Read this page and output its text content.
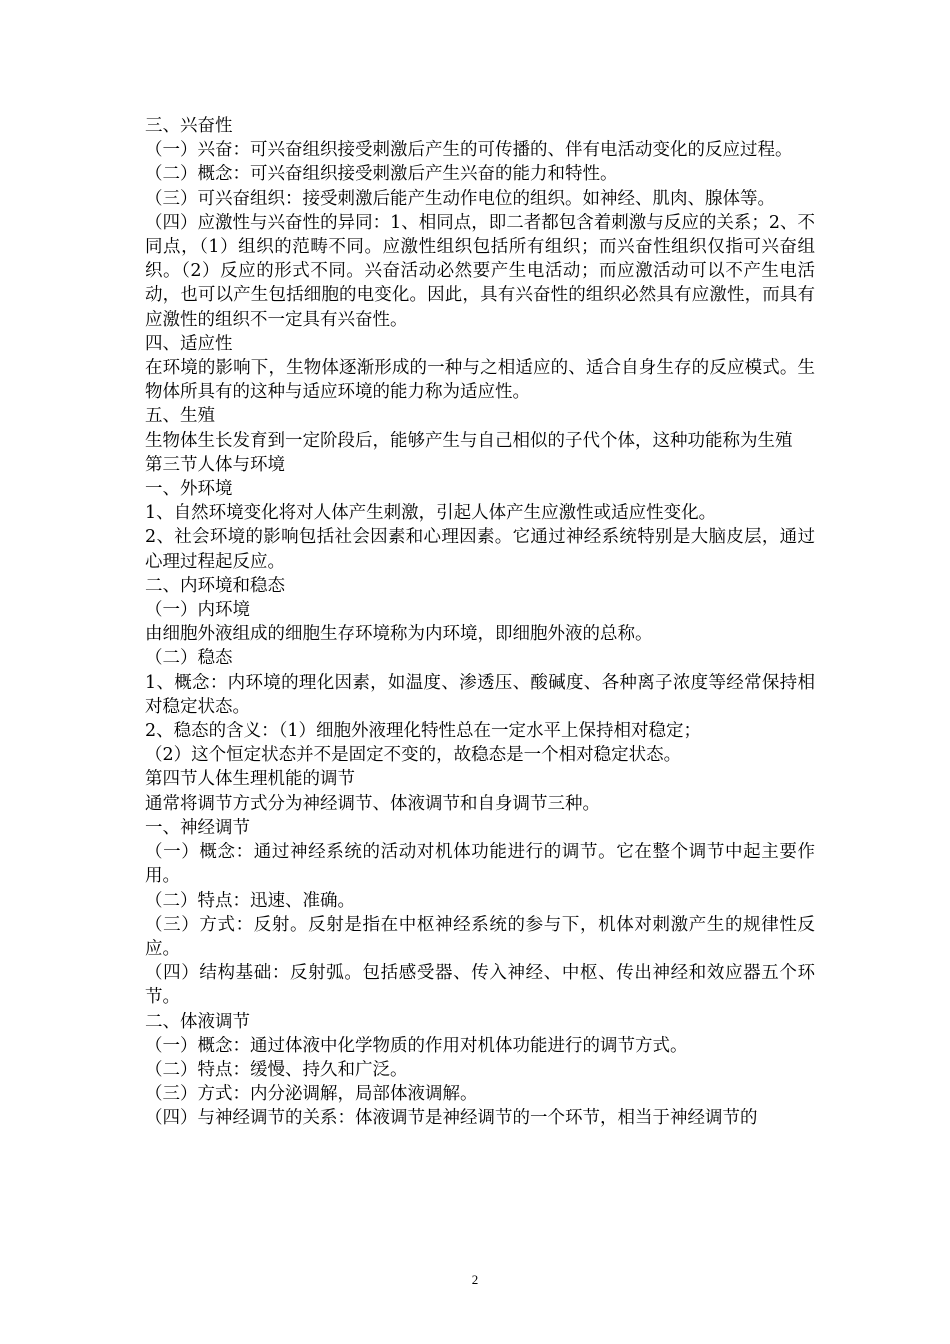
三、兴奋性

（一）兴奋：可兴奋组织接受刺激后产生的可传播的、伴有电活动变化的反应过程。

（二）概念：可兴奋组织接受刺激后产生兴奋的能力和特性。

（三）可兴奋组织：接受刺激后能产生动作电位的组织。如神经、肌肉、腺体等。

（四）应激性与兴奋性的异同：1、相同点，即二者都包含着刺激与反应的关系；2、不同点，（1）组织的范畴不同。应激性组织包括所有组织；而兴奋性组织仅指可兴奋组织。（2）反应的形式不同。兴奋活动必然要产生电活动；而应激活动可以不产生电活动，也可以产生包括细胞的电变化。因此，具有兴奋性的组织必然具有应激性，而具有应激性的组织不一定具有兴奋性。

四、适应性

在环境的影响下，生物体逐渐形成的一种与之相适应的、适合自身生存的反应模式。生物体所具有的这种与适应环境的能力称为适应性。

五、生殖

生物体生长发育到一定阶段后，能够产生与自己相似的子代个体，这种功能称为生殖

第三节人体与环境

一、外环境

1、自然环境变化将对人体产生刺激，引起人体产生应激性或适应性变化。

2、社会环境的影响包括社会因素和心理因素。它通过神经系统特别是大脑皮层，通过心理过程起反应。

二、内环境和稳态

（一）内环境

由细胞外液组成的细胞生存环境称为内环境，即细胞外液的总称。

（二）稳态

1、概念：内环境的理化因素，如温度、渗透压、酸碱度、各种离子浓度等经常保持相对稳定状态。

2、稳态的含义：（1）细胞外液理化特性总在一定水平上保持相对稳定；

（2）这个恒定状态并不是固定不变的，故稳态是一个相对稳定状态。

第四节人体生理机能的调节

通常将调节方式分为神经调节、体液调节和自身调节三种。

一、神经调节

（一）概念：通过神经系统的活动对机体功能进行的调节。它在整个调节中起主要作用。

（二）特点：迅速、准确。

（三）方式：反射。反射是指在中枢神经系统的参与下，机体对刺激产生的规律性反应。

（四）结构基础：反射弧。包括感受器、传入神经、中枢、传出神经和效应器五个环节。

二、体液调节

（一）概念：通过体液中化学物质的作用对机体功能进行的调节方式。

（二）特点：缓慢、持久和广泛。

（三）方式：内分泌调解，局部体液调解。

（四）与神经调节的关系：体液调节是神经调节的一个环节，相当于神经调节的

2
